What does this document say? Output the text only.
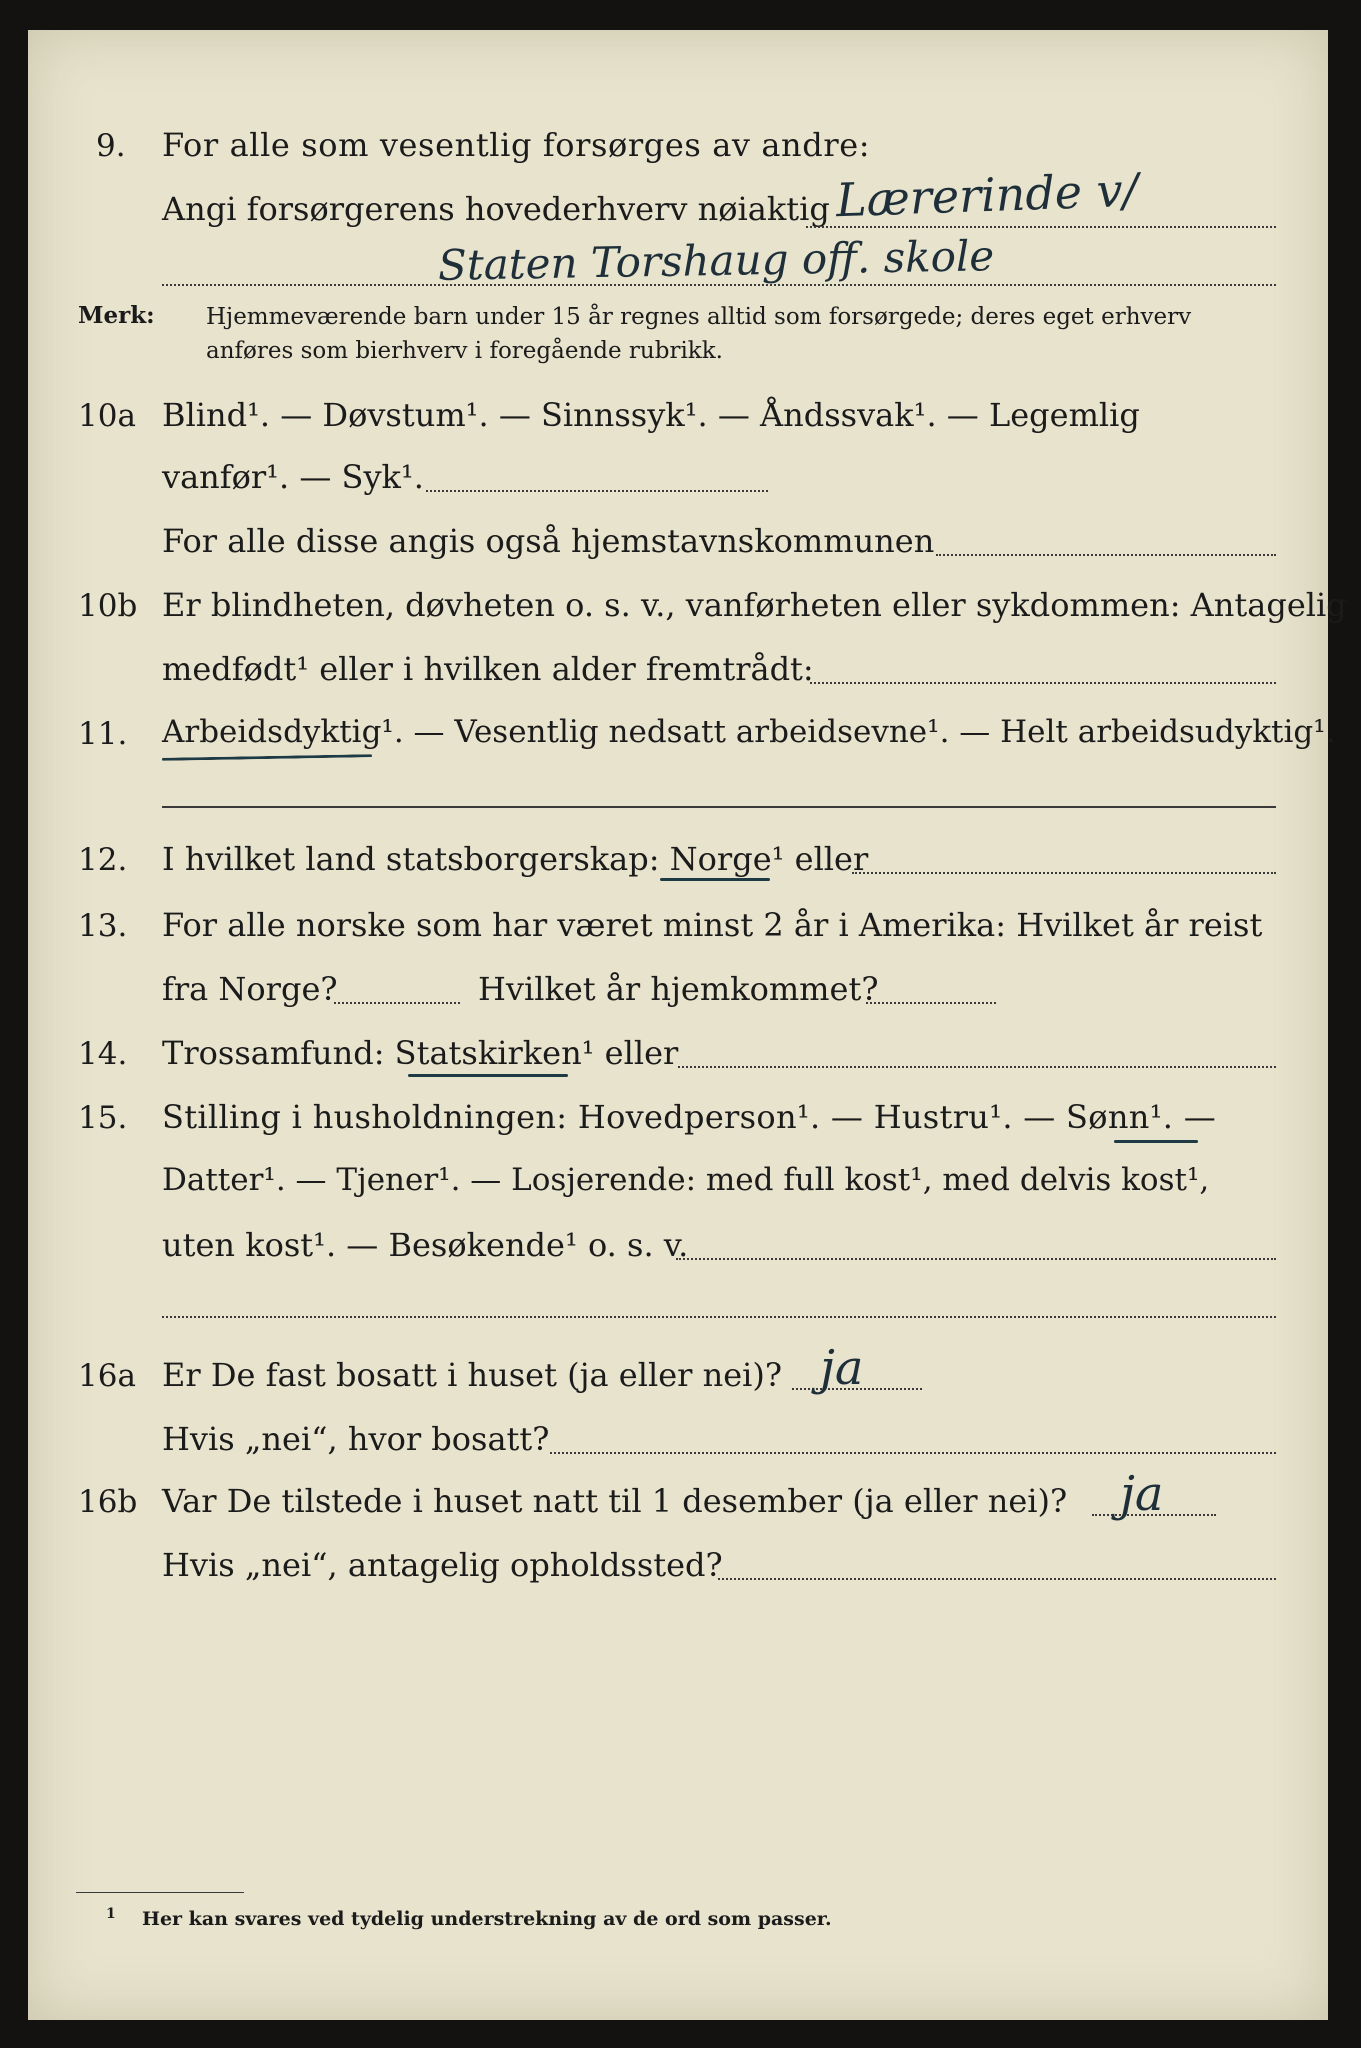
9. For alle som vesentlig forsørges av andre:
Angi forsørgerens hovederhverv nøiaktig Lærerinde v/
Staten Torshaug off. skole
Merk: Hjemmeværende barn under 15 år regnes alltid som forsørgede; deres eget erhverv
anføres som bierhverv i foregående rubrikk.
10a Blind¹. — Døvstum¹. — Sinnssyk¹. — Åndssvak¹. — Legemlig
vanfør¹. — Syk¹.
For alle disse angis også hjemstavnskommunen
10b Er blindheten, døvheten o. s. v., vanførheten eller sykdommen: Antagelig
medfødt¹ eller i hvilken alder fremtrådt:
11. Arbeidsdyktig¹. — Vesentlig nedsatt arbeidsevne¹. — Helt arbeidsudyktig¹.
12. I hvilket land statsborgerskap: Norge¹ eller
13. For alle norske som har været minst 2 år i Amerika: Hvilket år reist
fra Norge?	Hvilket år hjemkommet?
14. Trossamfund: Statskirken¹ eller
15. Stilling i husholdningen: Hovedperson¹. — Hustru¹. — Sønn¹. —
Datter¹. — Tjener¹. — Losjerende: med full kost¹, med delvis kost¹,
uten kost¹. — Besøkende¹ o. s. v.
16a Er De fast bosatt i huset (ja eller nei)? ja
Hvis „nei“, hvor bosatt?
16b Var De tilstede i huset natt til 1 desember (ja eller nei)? ja
Hvis „nei“, antagelig opholdssted?
1 Her kan svares ved tydelig understrekning av de ord som passer.
